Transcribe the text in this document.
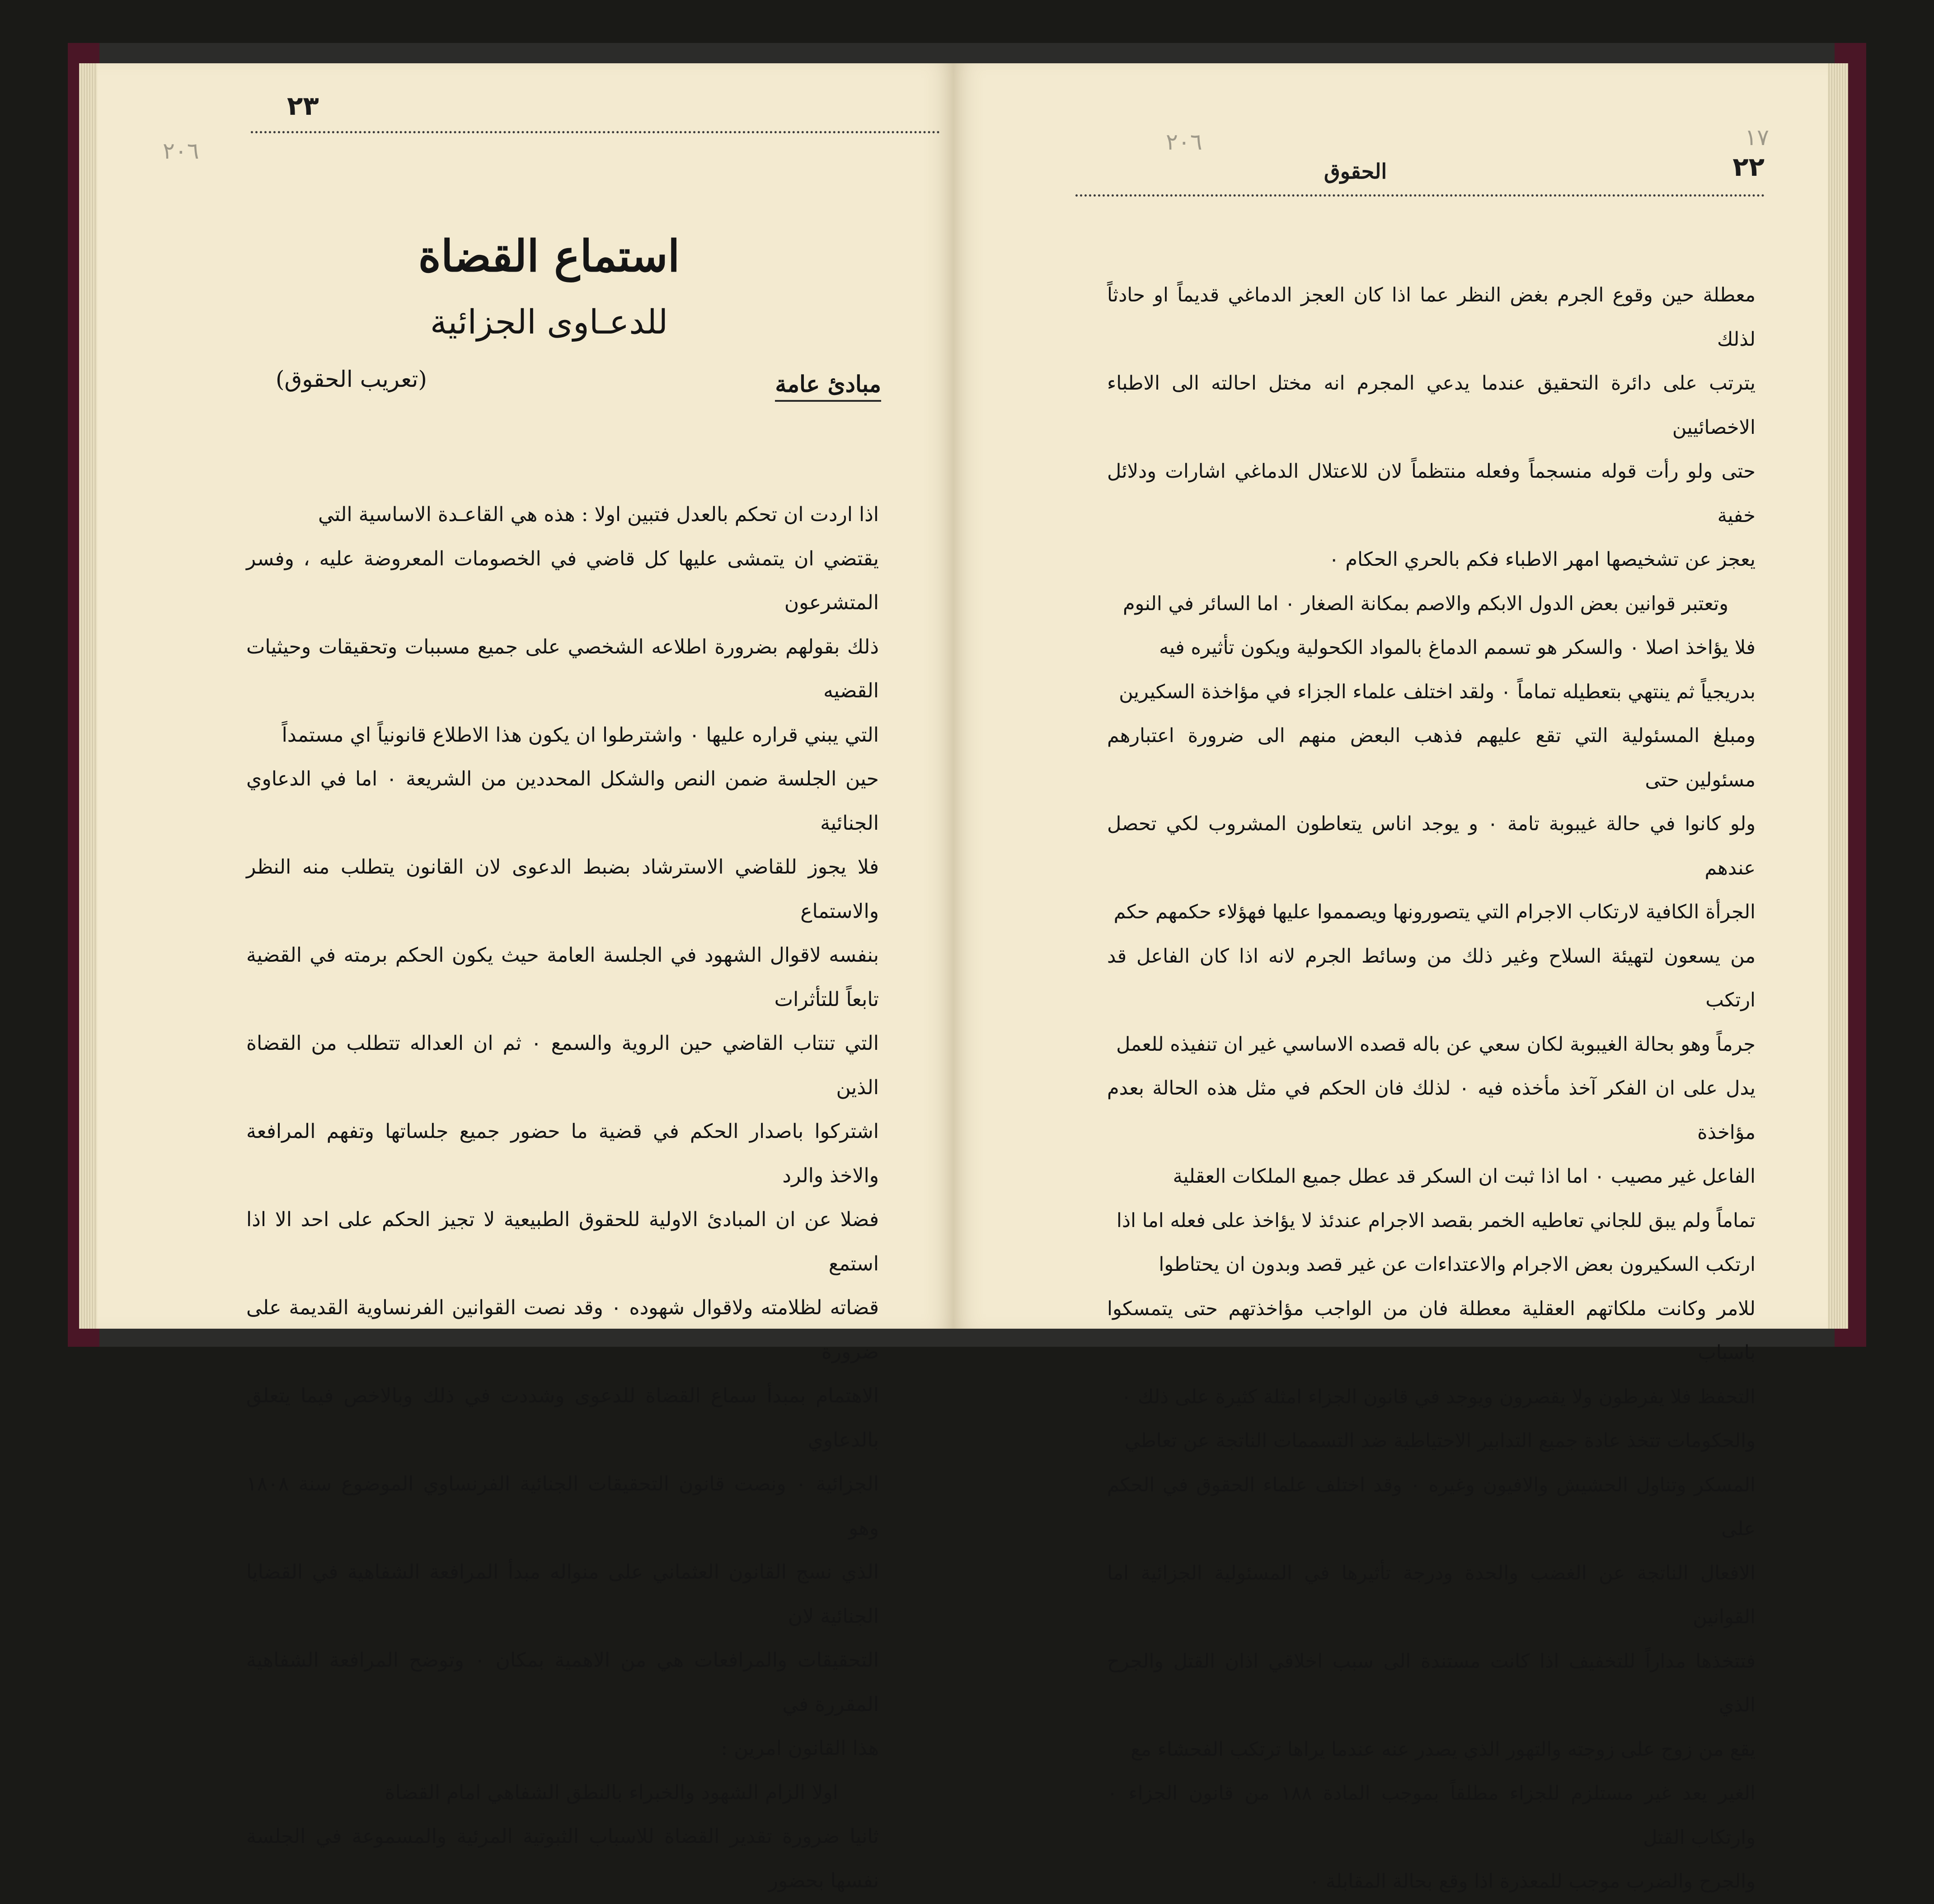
٢٣
٢٠٦
استماع القضاة
للدعـاوى الجزائية
(تعريب الحقوق)	مبادئ عامة

اذا اردت ان تحكم بالعدل فتبين اولا : هذه هي القاعـدة الاساسية التي

يقتضي ان يتمشى عليها كل قاضي في الخصومات المعروضة عليه ، وفسر المتشرعون

ذلك بقولهم بضرورة اطلاعه الشخصي على جميع مسببات وتحقيقات وحيثيات القضيه

التي يبني قراره عليها ٠ واشترطوا ان يكون هذا الاطلاع قانونياً اي مستمداً

حين الجلسة ضمن النص والشكل المحددين من الشريعة ٠ اما في الدعاوي الجنائية

فلا يجوز للقاضي الاسترشاد بضبط الدعوى لان القانون يتطلب منه النظر والاستماع

بنفسه لاقوال الشهود في الجلسة العامة حيث يكون الحكم برمته في القضية تابعاً للتأثرات

التي تنتاب القاضي حين الروية والسمع ٠ ثم ان العداله تتطلب من القضاة الذين

اشتركوا باصدار الحكم في قضية ما حضور جميع جلساتها وتفهم المرافعة والاخذ والرد

فضلا عن ان المبادئ الاولية للحقوق الطبيعية لا تجيز الحكم على احد الا اذا استمع

قضاته لظلامته ولاقوال شهوده ٠ وقد نصت القوانين الفرنساوية القديمة على ضرورة

الاهتمام بمبدأ سماع القضاة للدعوى وشددت في ذلك وبالاخص فيما يتعلق بالدعاوي

الجزائية ٠ ونصت قانون التحقيقات الجنائية الفرنساوي الموضوع سنة ١٨٠٨ وهو

الذي نسج القانون العثماني على منواله مبدأ المرافعة الشفاهية في القضايا الجنائية لان

التحقيقات والمرافعات هي من الاهمية بمكان ٠ وتوضح المرافعة الشفاهية المقررة في

هذا القانون امرين :

اولا الزام الشهود والخبراء بالنطق الشفاهي امام القضاة

ثانيا ضرورة تقدير القضاة للاسباب الثبوتية المرئية والمسموعة في الجلسة نفسها بحضور

٢٢
١٧
٢٠٦
الحقوق

معطلة حين وقوع الجرم بغض النظر عما اذا كان العجز الدماغي قديماً او حادثاً لذلك

يترتب على دائرة التحقيق عندما يدعي المجرم انه مختل احالته الى الاطباء الاخصائيين

حتى ولو رأت قوله منسجماً وفعله منتظماً لان للاعتلال الدماغي اشارات ودلائل خفية

يعجز عن تشخيصها امهر الاطباء فكم بالحري الحكام ٠

وتعتبر قوانين بعض الدول الابكم والاصم بمكانة الصغار ٠ اما السائر في النوم

فلا يؤاخذ اصلا ٠ والسكر هو تسمم الدماغ بالمواد الكحولية ويكون تأثيره فيه

بدريجياً ثم ينتهي بتعطيله تماماً ٠ ولقد اختلف علماء الجزاء في مؤاخذة السكيرين

ومبلغ المسئولية التي تقع عليهم فذهب البعض منهم الى ضرورة اعتبارهم مسئولين حتى

ولو كانوا في حالة غيبوبة تامة ٠ و يوجد اناس يتعاطون المشروب لكي تحصل عندهم

الجرأة الكافية لارتكاب الاجرام التي يتصورونها ويصمموا عليها فهؤلاء حكمهم حكم

من يسعون لتهيئة السلاح وغير ذلك من وسائط الجرم لانه اذا كان الفاعل قد ارتكب

جرماً وهو بحالة الغيبوبة لكان سعي عن باله قصده الاساسي غير ان تنفيذه للعمل

يدل على ان الفكر آخذ مأخذه فيه ٠ لذلك فان الحكم في مثل هذه الحالة بعدم مؤاخذة

الفاعل غير مصيب ٠ اما اذا ثبت ان السكر قد عطل جميع الملكات العقلية

تماماً ولم يبق للجاني تعاطيه الخمر بقصد الاجرام عندئذ لا يؤاخذ على فعله اما اذا

ارتكب السكيرون بعض الاجرام والاعتداءات عن غير قصد وبدون ان يحتاطوا

للامر وكانت ملكاتهم العقلية معطلة فان من الواجب مؤاخذتهم حتى يتمسكوا باسباب

التحفظ فلا يفرطون ولا يقصرون ويوجد في قانون الجزاء امثلة كثيرة على ذلك ٠

والحكومات تتخذ عادة جميع التدابير الاحتياطية ضد التسممات الناتجة عن تعاطي

المسكر وتناول الحشيش والافيون وغيره ٠ وقد اختلف علماء الحقوق في الحكم على

الافعال الناتجة عن الغضب والحدة ودرجة تأثيرها في المسئولية الجزائية اما القوانين

فتتخذها مداراً للتخفيف اذا كانت مستندة الى سبب اخلاقي اذان القتل والجرح الذي

يقع من زوج على زوجته والتهور الذي يصدر عنه عندما يراها ترتكب الفحشاء مع

الغير يعد غير مستلزم للجزاء مطلقاً بموجب المادة ١٨٨ من قانون الجزاء ٠ وارتكاب القتل

والجرح والضرب موجب للمعذرة اذا وقع بحالة المقابلة ٠
